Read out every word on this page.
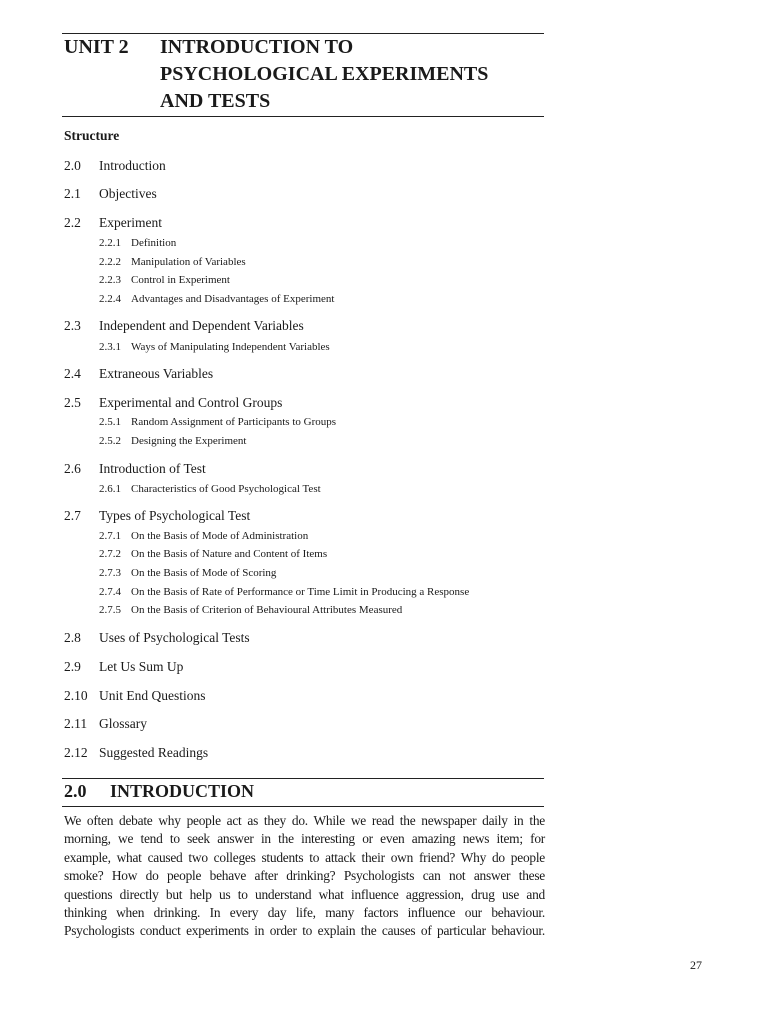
UNIT 2 INTRODUCTION TO
PSYCHOLOGICAL EXPERIMENTS
AND TESTS
Structure
2.0 Introduction
2.1 Objectives
2.2 Experiment
2.2.1 Definition
2.2.2 Manipulation of Variables
2.2.3 Control in Experiment
2.2.4 Advantages and Disadvantages of Experiment
2.3 Independent and Dependent Variables
2.3.1 Ways of Manipulating Independent Variables
2.4 Extraneous Variables
2.5 Experimental and Control Groups
2.5.1 Random Assignment of Participants to Groups
2.5.2 Designing the Experiment
2.6 Introduction of Test
2.6.1 Characteristics of Good Psychological Test
2.7 Types of Psychological Test
2.7.1 On the Basis of Mode of Administration
2.7.2 On the Basis of Nature and Content of Items
2.7.3 On the Basis of Mode of Scoring
2.7.4 On the Basis of Rate of Performance or Time Limit in Producing a Response
2.7.5 On the Basis of Criterion of Behavioural Attributes Measured
2.8 Uses of Psychological Tests
2.9 Let Us Sum Up
2.10 Unit End Questions
2.11 Glossary
2.12 Suggested Readings
2.0 INTRODUCTION
We often debate why people act as they do. While we read the newspaper daily in the
morning, we tend to seek answer in the interesting or even amazing news item; for
example, what caused two colleges students to attack their own friend? Why do people
smoke? How do people behave after drinking? Psychologists can not answer these
questions directly but help us to understand what influence aggression, drug use and
thinking when drinking. In every day life, many factors influence our behaviour.
Psychologists conduct experiments in order to explain the causes of particular behaviour.
27
